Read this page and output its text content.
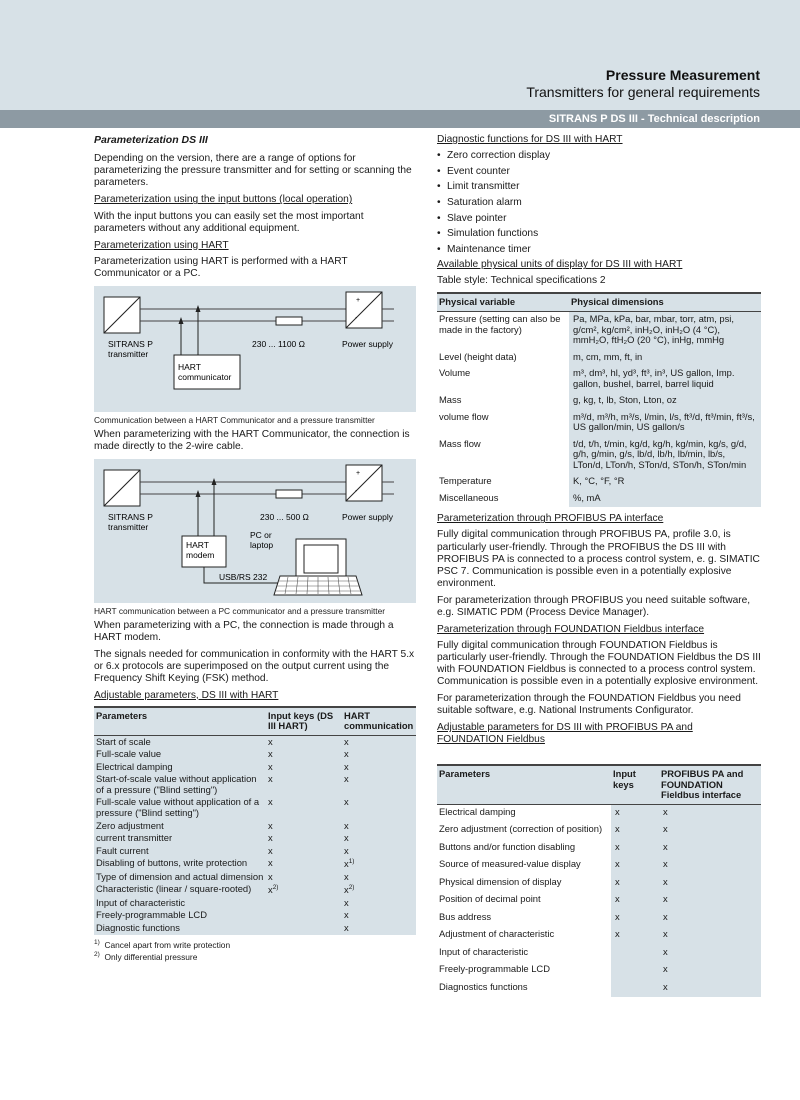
Pressure Measurement
Transmitters for general requirements
SITRANS P DS III - Technical description
Parameterization DS III

Depending on the version, there are a range of options for parameterizing the pressure transmitter and for setting or scanning the parameters.

Parameterization using the input buttons (local operation)

With the input buttons you can easily set the most important parameters without any additional equipment.

Parameterization using HART

Parameterization using HART is performed with a HART Communicator or a PC.

+
-
SITRANS P
transmitter
230 ... 1100 Ω	Power supply
HART
communicator
Communication between a HART Communicator and a pressure transmitter

When parameterizing with the HART Communicator, the connection is made directly to the 2-wire cable.

+
-
SITRANS P
transmitter
230 ... 500 Ω	Power supply
HART
modem
PC or
laptop
USB/RS 232
HART communication between a PC communicator and a pressure transmitter

When parameterizing with a PC, the connection is made through a HART modem.

The signals needed for communication in conformity with the HART 5.x or 6.x protocols are superimposed on the output current using the Frequency Shift Keying (FSK) method.

Adjustable parameters, DS III with HART
Parameters	Input keys (DS III HART)	HART communication
Start of scale	x	x
Full-scale value	x	x
Electrical damping	x	x
Start-of-scale value without application of a pressure ("Blind setting")	x	x
Full-scale value without application of a pressure ("Blind setting")	x	x
Zero adjustment	x	x
current transmitter	x	x
Fault current	x	x
Disabling of buttons, write protection	x	$x^{1)}$
Type of dimension and actual dimension	x	x
Characteristic (linear / square-rooted)	$x^{2)}$	$x^{2)}$
Input of characteristic		x
Freely-programmable LCD		x
Diagnostic functions		x
$^{1)}$ Cancel apart from write protection
$^{2)}$ Only differential pressure
Diagnostic functions for DS III with HART
• Zero correction display
• Event counter
• Limit transmitter
• Saturation alarm
• Slave pointer
• Simulation functions
• Maintenance timer
Available physical units of display for DS III with HART

Table style: Technical specifications 2

Physical variable	Physical dimensions
Pressure (setting can also be made in the factory)	Pa, MPa, kPa, bar, mbar, torr, atm, psi, g/cm², kg/cm², inH₂O, inH₂O (4 °C), mmH₂O, ftH₂O (20 °C), inHg, mmHg
Level (height data)	m, cm, mm, ft, in
Volume	m³, dm³, hl, yd³, ft³, in³, US gallon, Imp. gallon, bushel, barrel, barrel liquid
Mass	g, kg, t, lb, Ston, Lton, oz
volume flow	m³/d, m³/h, m³/s, l/min, l/s, ft³/d, ft³/min, ft³/s, US gallon/min, US gallon/s
Mass flow	t/d, t/h, t/min, kg/d, kg/h, kg/min, kg/s, g/d, g/h, g/min, g/s, lb/d, lb/h, lb/min, lb/s, LTon/d, LTon/h, STon/d, STon/h, STon/min
Temperature	K, °C, °F, °R
Miscellaneous	%, mA
Parameterization through PROFIBUS PA interface

Fully digital communication through PROFIBUS PA, profile 3.0, is particularly user-friendly. Through the PROFIBUS the DS III with PROFIBUS PA is connected to a process control system, e. g. SIMATIC PSC 7. Communication is possible even in a potentially explosive environment.

For parameterization through PROFIBUS you need suitable software, e.g. SIMATIC PDM (Process Device Manager).

Parameterization through FOUNDATION Fieldbus interface

Fully digital communication through FOUNDATION Fieldbus is particularly user-friendly. Through the FOUNDATION Fieldbus the DS III with FOUNDATION Fieldbus is connected to a process control system. Communication is possible even in a potentially explosive environment.

For parameterization through the FOUNDATION Fieldbus you need suitable software, e.g. National Instruments Configurator.

Adjustable parameters for DS III with PROFIBUS PA and FOUNDATION Fieldbus
Parameters	Input keys	PROFIBUS PA and FOUNDATION Fieldbus interface
Electrical damping	x	x
Zero adjustment (correction of position)	x	x
Buttons and/or function disabling	x	x
Source of measured-value display	x	x
Physical dimension of display	x	x
Position of decimal point	x	x
Bus address	x	x
Adjustment of characteristic	x	x
Input of characteristic		x
Freely-programmable LCD		x
Diagnostics functions		x
